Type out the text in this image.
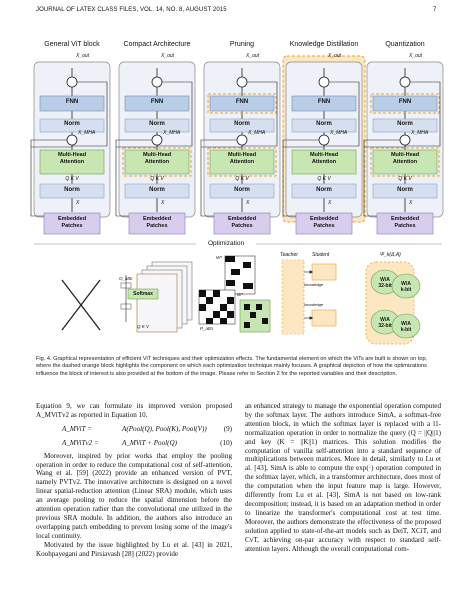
JOURNAL OF LATEX CLASS FILES, VOL. 14, NO. 8, AUGUST 2015	7
General ViT block	Compact Architecture	Pruning	Knowledge Distillation	Quantization
X_out
FNN
Norm
X_MHA
Multi-Head
Attention
Q K V
Norm
X
Embedded
Patches
X_out
FNN
Norm
X_MHA
Multi-Head
Attention
Q K V
Norm
X
Embedded
Patches
X_out
FNN
Norm
X_MHA
Multi-Head
Attention
Q K V
Norm
X
Embedded
Patches
X_out
FNN
Norm
X_MHA
Multi-Head
Attention
Q K V
Norm
X
Embedded
Patches
X_out
FNN
Norm
X_MHA
Multi-Head
Attention
Q K V
Norm
X
Embedded
Patches
Optimization
O_attn
Softmax
Q K V
W*
W*
P_attn
Teacher	Student
knowledge
knowledge
Ψ_k(Δ,A)
W/A
32-bit	W/A
k-bit
W/A
32-bit	W/A
k-bit

Fig. 4. Graphical representation of efficient ViT techniques and their optimization effects. The fundamental element on which the ViTs are built is shown on top, where the dashed orange block highlights the component on which each optimization technique mainly focuses. A graphical depiction of how the optimizations influence the block of interest is also provided at the bottom of the image. Please refer to Section 2 for the reported variables and their description.

Equation 9, we can formulate its improved version proposed A_MViTv2 as reported in Equation 10.

A_MViT =	A(Pool(Q), Pool(K), Pool(V))	(9)
A_MViTv2 =	A_MViT + Pool(Q)	(10)

Moreover, inspired by prior works that employ the pooling operation in order to reduce the computational cost of self-attention, Wang et al. [59] (2022) provide an enhanced version of PVT, namely PVTv2. The innovative architecture is designed on a novel linear spatial-reduction attention (Linear SRA) module, which uses an average pooling to reduce the spatial dimension before the attention operation rather than the convolutional one utilized in the previous SRA module. In addition, the authors also introduce an overlapping patch embedding to prevent losing some of the image's local continuity.

Motivated by the issue highlighted by Lu et al. [43] in 2021, Koohpayegani and Pirsiavash [28] (2022) provide

an enhanced strategy to manage the exponential operation computed by the softmax layer. The authors introduce SimA, a softmax-free attention block, in which the softmax layer is replaced with a l1-normalization operation in order to normalize the query (Q = ||Q||1) and key (K = ||K||1) matrices. This solution modifies the computation of vanilla self-attention into a standard sequence of multiplications between matrices. More in detail, similarly to Lu et al. [43], SimA is able to compute the exp(·) operation computed in the softmax layer, which, in a transformer architecture, does most of the computation when the input feature map is large. However, differently from Lu et al. [43], SimA is not based on low-rank decomposition; instead, it is based on an adaptation method in order to linearize the transformer's computational cost at test time. Moreover, the authors demonstrate the effectiveness of the proposed solution applied to state-of-the-art models such as DeiT, XCiT, and CvT, achieving on-par accuracy with respect to standard self-attention layers. Although the overall computational com-
